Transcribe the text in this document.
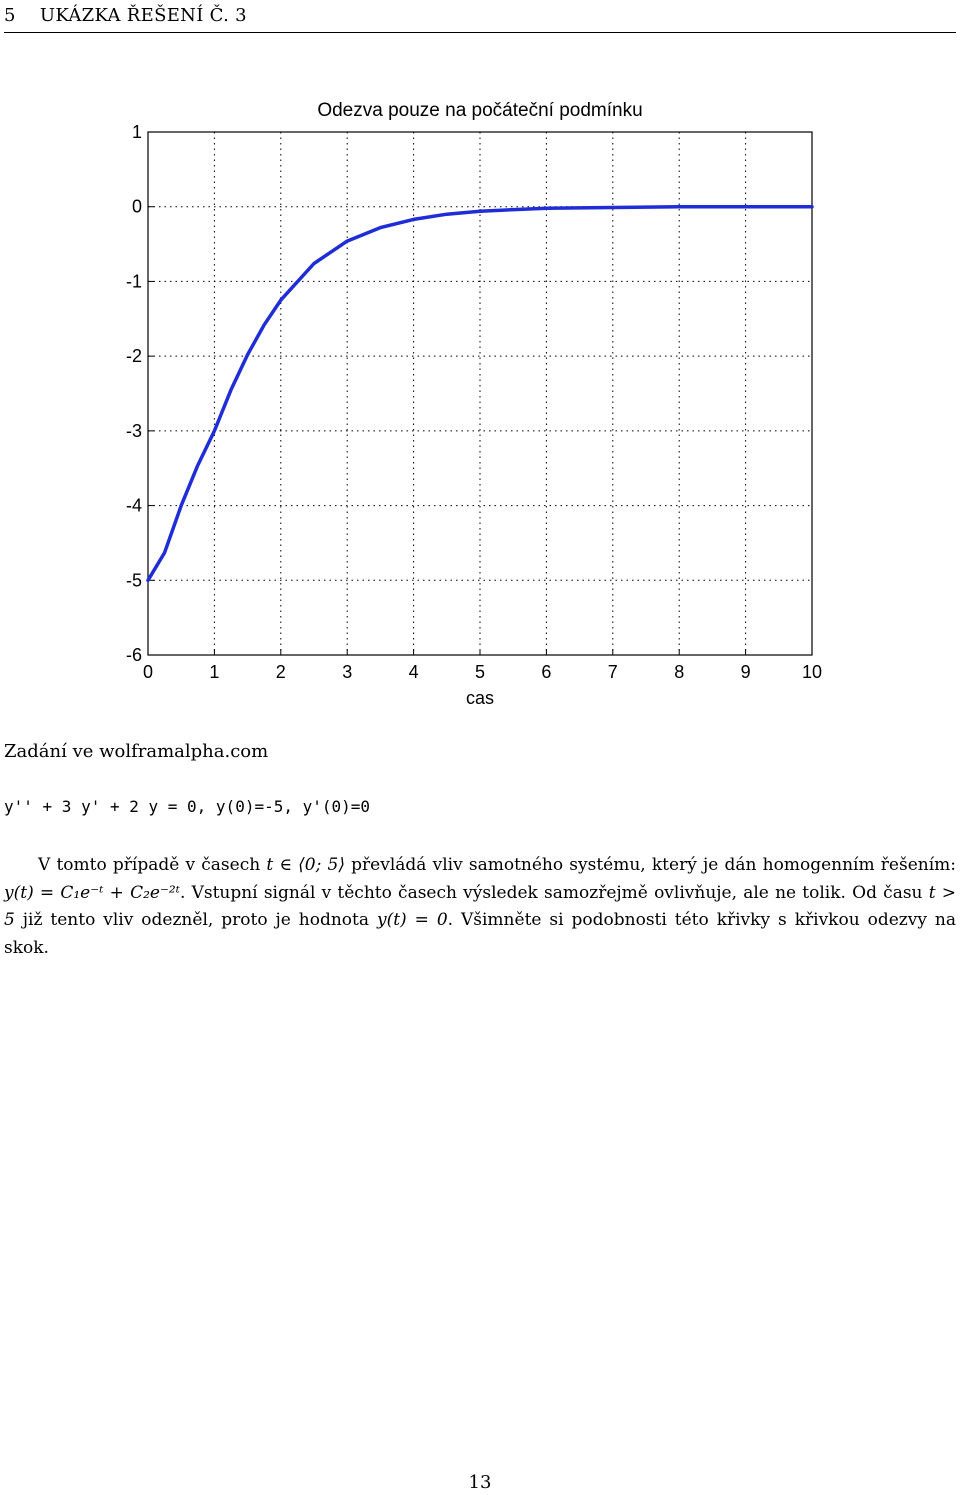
5 UKÁZKA ŘEŠENÍ Č. 3
Odezva pouze na počáteční podmínku
0	1	2	3	4	5	6	7	8	9	10
1
0
-1
-2
-3
-4
-5
-6
cas
Zadání ve wolframalpha.com
y'' + 3 y' + 2 y = 0, y(0)=-5, y'(0)=0
V tomto případě v časech t ∈ ⟨0; 5⟩ převládá vliv samotného systému, který je dán homogenním řešením: y(t) = C₁e⁻ᵗ + C₂e⁻²ᵗ. Vstupní signál v těchto časech výsledek samozřejmě ovlivňuje, ale ne tolik. Od času t > 5 již tento vliv odezněl, proto je hodnota y(t) = 0. Všimněte si podobnosti této křivky s křivkou odezvy na skok.
13
